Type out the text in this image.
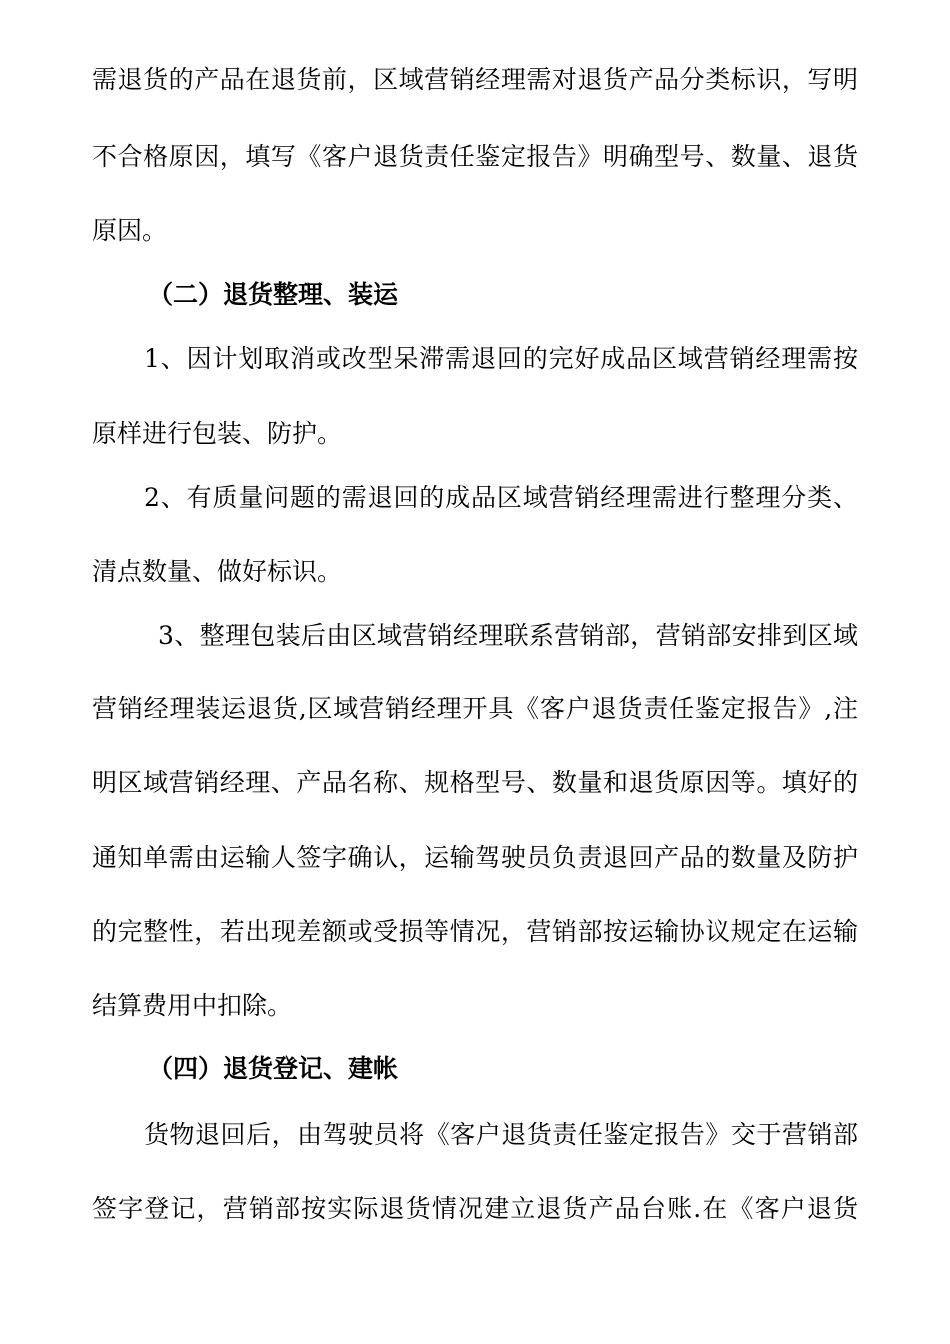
需退货的产品在退货前，区域营销经理需对退货产品分类标识，写明
不合格原因，填写《客户退货责任鉴定报告》明确型号、数量、退货
原因。
（二）退货整理、装运
1、因计划取消或改型呆滞需退回的完好成品区域营销经理需按
原样进行包装、防护。
2、有质量问题的需退回的成品区域营销经理需进行整理分类、
清点数量、做好标识。
3、整理包装后由区域营销经理联系营销部，营销部安排到区域
营销经理装运退货,区域营销经理开具《客户退货责任鉴定报告》,注
明区域营销经理、产品名称、规格型号、数量和退货原因等。填好的
通知单需由运输人签字确认，运输驾驶员负责退回产品的数量及防护
的完整性，若出现差额或受损等情况，营销部按运输协议规定在运输
结算费用中扣除。
（四）退货登记、建帐
货物退回后，由驾驶员将《客户退货责任鉴定报告》交于营销部
签字登记，营销部按实际退货情况建立退货产品台账.在《客户退货
